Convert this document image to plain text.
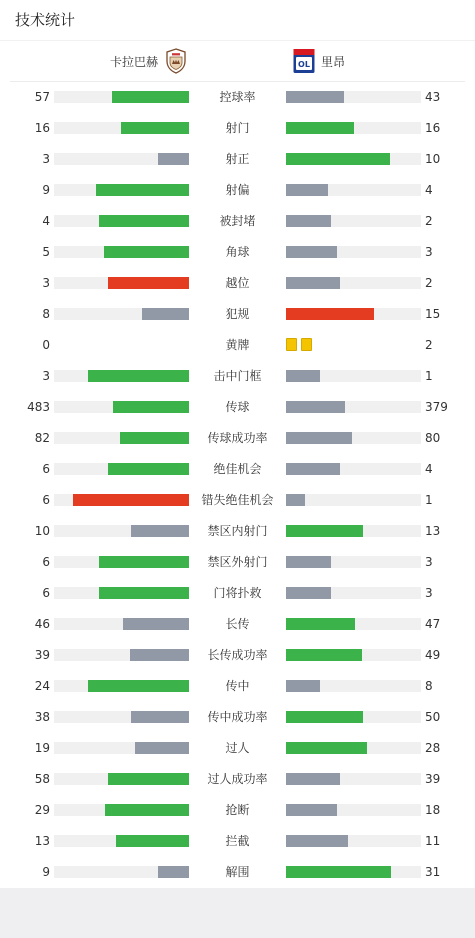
技术统计
卡拉巴赫	OL 里昂
57	控球率	43
16	射门	16
3	射正	10
9	射偏	4
4	被封堵	2
5	角球	3
3	越位	2
8	犯规	15
0	黄牌	2
3	击中门框	1
483	传球	379
82	传球成功率	80
6	绝佳机会	4
6	错失绝佳机会	1
10	禁区内射门	13
6	禁区外射门	3
6	门将扑救	3
46	长传	47
39	长传成功率	49
24	传中	8
38	传中成功率	50
19	过人	28
58	过人成功率	39
29	抢断	18
13	拦截	11
9	解围	31
